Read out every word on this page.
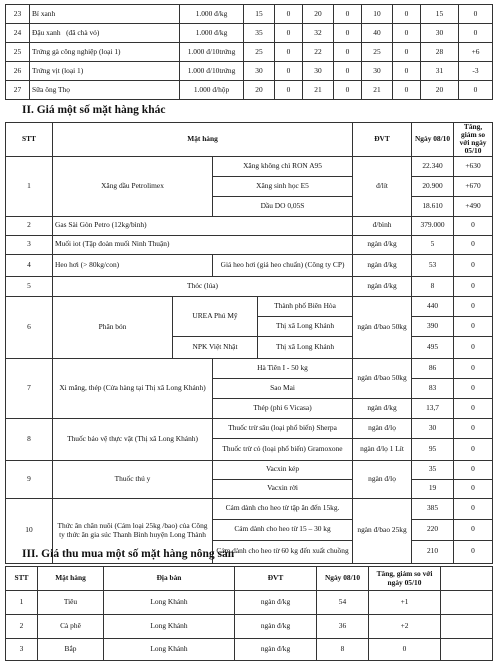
23	Bí xanh	1.000 đ/kg	15	0	20	0	10	0	15	0
24	Đậu xanh (đã chà vỏ)	1.000 đ/kg	35	0	32	0	40	0	30	0
25	Trứng gà công nghiệp (loại 1)	1.000 đ/10trứng	25	0	22	0	25	0	28	+6
26	Trứng vịt (loại 1)	1.000 đ/10trứng	30	0	30	0	30	0	31	-3
27	Sữa ông Thọ	1.000 đ/hộp	20	0	21	0	21	0	20	0
II. Giá một số mặt hàng khác
STT	Mặt hàng				ĐVT	Ngày 08/10	Tăng, giảm so với ngày 05/10
1	Xăng dầu Petrolimex		Xăng không chì RON A95		đ/lít	22.340	+630
			Xăng sinh học E5			20.900	+670
			Dầu DO 0,05S			18.610	+490
2	Gas Sài Gòn Petro (12kg/bình)				đ/bình	379.000	0
3	Muối iot (Tập đoàn muối Ninh Thuận)				ngàn đ/kg	5	0
4	Heo hơi (> 80kg/con)		Giá heo hơi (giá heo chuẩn) (Công ty CP)		ngàn đ/kg	53	0
5	Thóc (lúa)				ngàn đ/kg	8	0
6	Phân bón	UREA Phú Mỹ		Thành phố Biên Hòa	ngàn đ/bao 50kg	440	0
				Thị xã Long Khánh		390	0
		NPK Việt Nhật		Thị xã Long Khánh		495	0
7	Xi măng, thép (Cửa hàng tại Thị xã Long Khánh)		Hà Tiên I - 50 kg		ngàn đ/bao 50kg	86	0
			Sao Mai			83	0
			Thép (phi 6 Vicasa)		ngàn đ/kg	13,7	0
8	Thuốc bảo vệ thực vật (Thị xã Long Khánh)		Thuốc trừ sâu (loại phổ biến) Sherpa		ngàn đ/lọ	30	0
			Thuốc trừ cỏ (loại phổ biến) Gramoxone		ngàn đ/lọ 1 Lít	95	0
9	Thuốc thú y		Vacxin kép		ngàn đ/lọ	35	0
			Vacxin rời			19	0
10	Thức ăn chăn nuôi (Cám loại 25kg /bao) của Công ty thức ăn gia súc Thanh Bình huyện Long Thành		Cám dành cho heo từ tập ăn đến 15kg.		ngàn đ/bao 25kg	385	0
			Cám dành cho heo từ 15 – 30 kg			220	0
			Cám dành cho heo từ 60 kg đến xuất chuồng			210	0
III. Giá thu mua một số mặt hàng nông sản
STT	Mặt hàng	Địa bàn	ĐVT	Ngày 08/10	Tăng, giảm so với ngày 05/10	
1	Tiêu	Long Khánh	ngàn đ/kg	54	+1	
2	Cà phê	Long Khánh	ngàn đ/kg	36	+2	
3	Bắp	Long Khánh	ngàn đ/kg	8	0	
